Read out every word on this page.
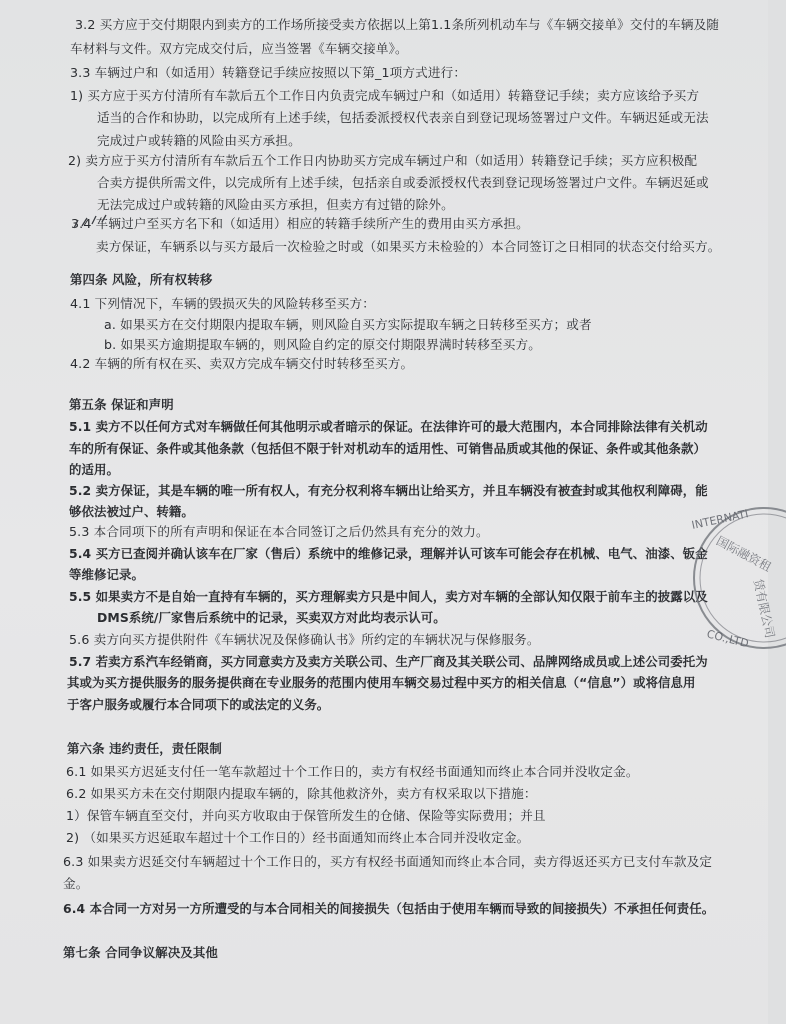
3.2 买方应于交付期限内到卖方的工作场所接受卖方依据以上第1.1条所列机动车与《车辆交接单》交付的车辆及随
车材料与文件。双方完成交付后，应当签署《车辆交接单》。
3.3 车辆过户和（如适用）转籍登记手续应按照以下第_1项方式进行：
1) 买方应于买方付清所有车款后五个工作日内负责完成车辆过户和（如适用）转籍登记手续；卖方应该给予买方
适当的合作和协助，以完成所有上述手续，包括委派授权代表亲自到登记现场签署过户文件。车辆迟延或无法
完成过户或转籍的风险由买方承担。
2) 卖方应于买方付清所有车款后五个工作日内协助买方完成车辆过户和（如适用）转籍登记手续；买方应积极配
合卖方提供所需文件，以完成所有上述手续，包括亲自或委派授权代表到登记现场签署过户文件。车辆迟延或
无法完成过户或转籍的风险由买方承担，但卖方有过错的除外。
3.4 车辆过户至买方名下和（如适用）相应的转籍手续所产生的费用由买方承担。
卖方保证，车辆系以与买方最后一次检验之时或（如果买方未检验的）本合同签订之日相同的状态交付给买方。
第四条 风险，所有权转移
4.1 下列情况下，车辆的毁损灭失的风险转移至买方：
a. 如果买方在交付期限内提取车辆，则风险自买方实际提取车辆之日转移至买方；或者
b. 如果买方逾期提取车辆的，则风险自约定的原交付期限界满时转移至买方。
4.2 车辆的所有权在买、卖双方完成车辆交付时转移至买方。
第五条 保证和声明
5.1 卖方不以任何方式对车辆做任何其他明示或者暗示的保证。在法律许可的最大范围内，本合同排除法律有关机动
车的所有保证、条件或其他条款（包括但不限于针对机动车的适用性、可销售品质或其他的保证、条件或其他条款）
的适用。
5.2 卖方保证，其是车辆的唯一所有权人，有充分权利将车辆出让给买方，并且车辆没有被查封或其他权利障碍，能
够依法被过户、转籍。
5.3 本合同项下的所有声明和保证在本合同签订之后仍然具有充分的效力。
5.4 买方已查阅并确认该车在厂家（售后）系统中的维修记录，理解并认可该车可能会存在机械、电气、油漆、钣金
等维修记录。
5.5 如果卖方不是自始一直持有车辆的，买方理解卖方只是中间人，卖方对车辆的全部认知仅限于前车主的披露以及
DMS系统/厂家售后系统中的记录，买卖双方对此均表示认可。
5.6 卖方向买方提供附件《车辆状况及保修确认书》所约定的车辆状况与保修服务。
5.7 若卖方系汽车经销商，买方同意卖方及卖方关联公司、生产厂商及其关联公司、品牌网络成员或上述公司委托为
其或为买方提供服务的服务提供商在专业服务的范围内使用车辆交易过程中买方的相关信息（“信息”）或将信息用
于客户服务或履行本合同项下的或法定的义务。
第六条 违约责任，责任限制
6.1 如果买方迟延支付任一笔车款超过十个工作日的，卖方有权经书面通知而终止本合同并没收定金。
6.2 如果买方未在交付期限内提取车辆的，除其他救济外，卖方有权采取以下措施：
1）保管车辆直至交付，并向买方收取由于保管所发生的仓储、保险等实际费用；并且
2) （如果买方迟延取车超过十个工作日的）经书面通知而终止本合同并没收定金。
6.3 如果卖方迟延交付车辆超过十个工作日的，买方有权经书面通知而终止本合同，卖方得返还买方已支付车款及定
金。
6.4 本合同一方对另一方所遭受的与本合同相关的间接损失（包括由于使用车辆而导致的间接损失）不承担任何责任。
第七条 合同争议解决及其他
INTERNATI
CO.,LTD
国际融资租
赁有限公司
